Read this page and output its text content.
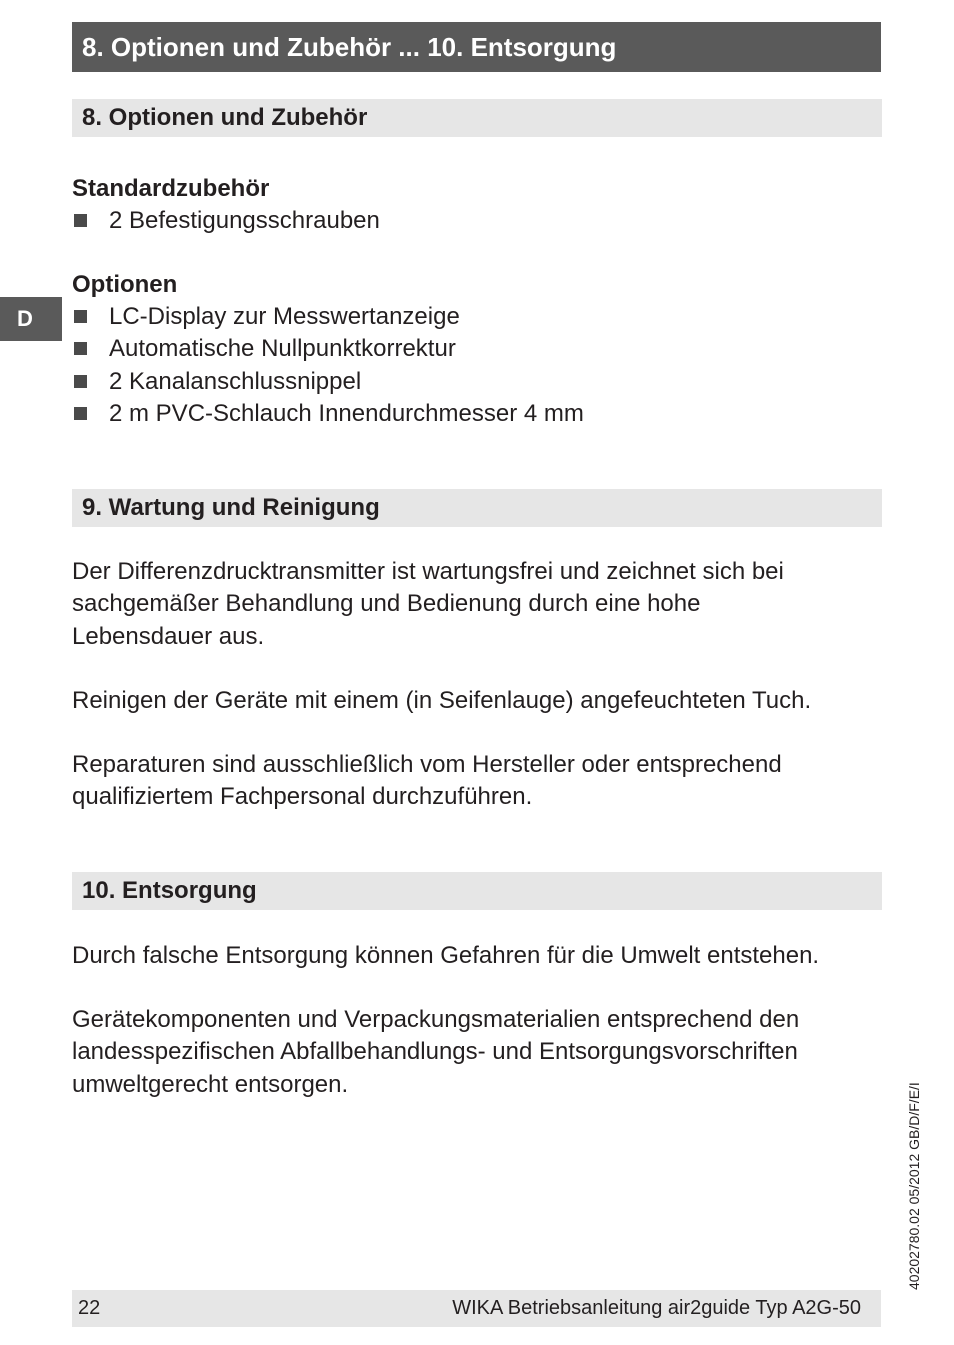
8. Optionen und Zubehör ... 10. Entsorgung
D
8. Optionen und Zubehör
Standardzubehör
2 Befestigungsschrauben
Optionen
LC-Display zur Messwertanzeige
Automatische Nullpunktkorrektur
2 Kanalanschlussnippel
2 m PVC-Schlauch Innendurchmesser 4 mm
9. Wartung und Reinigung

Der Differenzdrucktransmitter ist wartungsfrei und zeichnet sich bei sachgemäßer Behandlung und Bedienung durch eine hohe Lebensdauer aus.

Reinigen der Geräte mit einem (in Seifenlauge) angefeuchteten Tuch.

Reparaturen sind ausschließlich vom Hersteller oder entsprechend qualifiziertem Fachpersonal durchzuführen.

10. Entsorgung

Durch falsche Entsorgung können Gefahren für die Umwelt entstehen.

Gerätekomponenten und Verpackungsmaterialien entsprechend den landesspezifischen Abfallbehandlungs- und Entsorgungsvorschriften umweltgerecht entsorgen.	40202780.02 05/2012 GB/D/F/E/I
22	WIKA Betriebsanleitung air2guide Typ A2G-50
